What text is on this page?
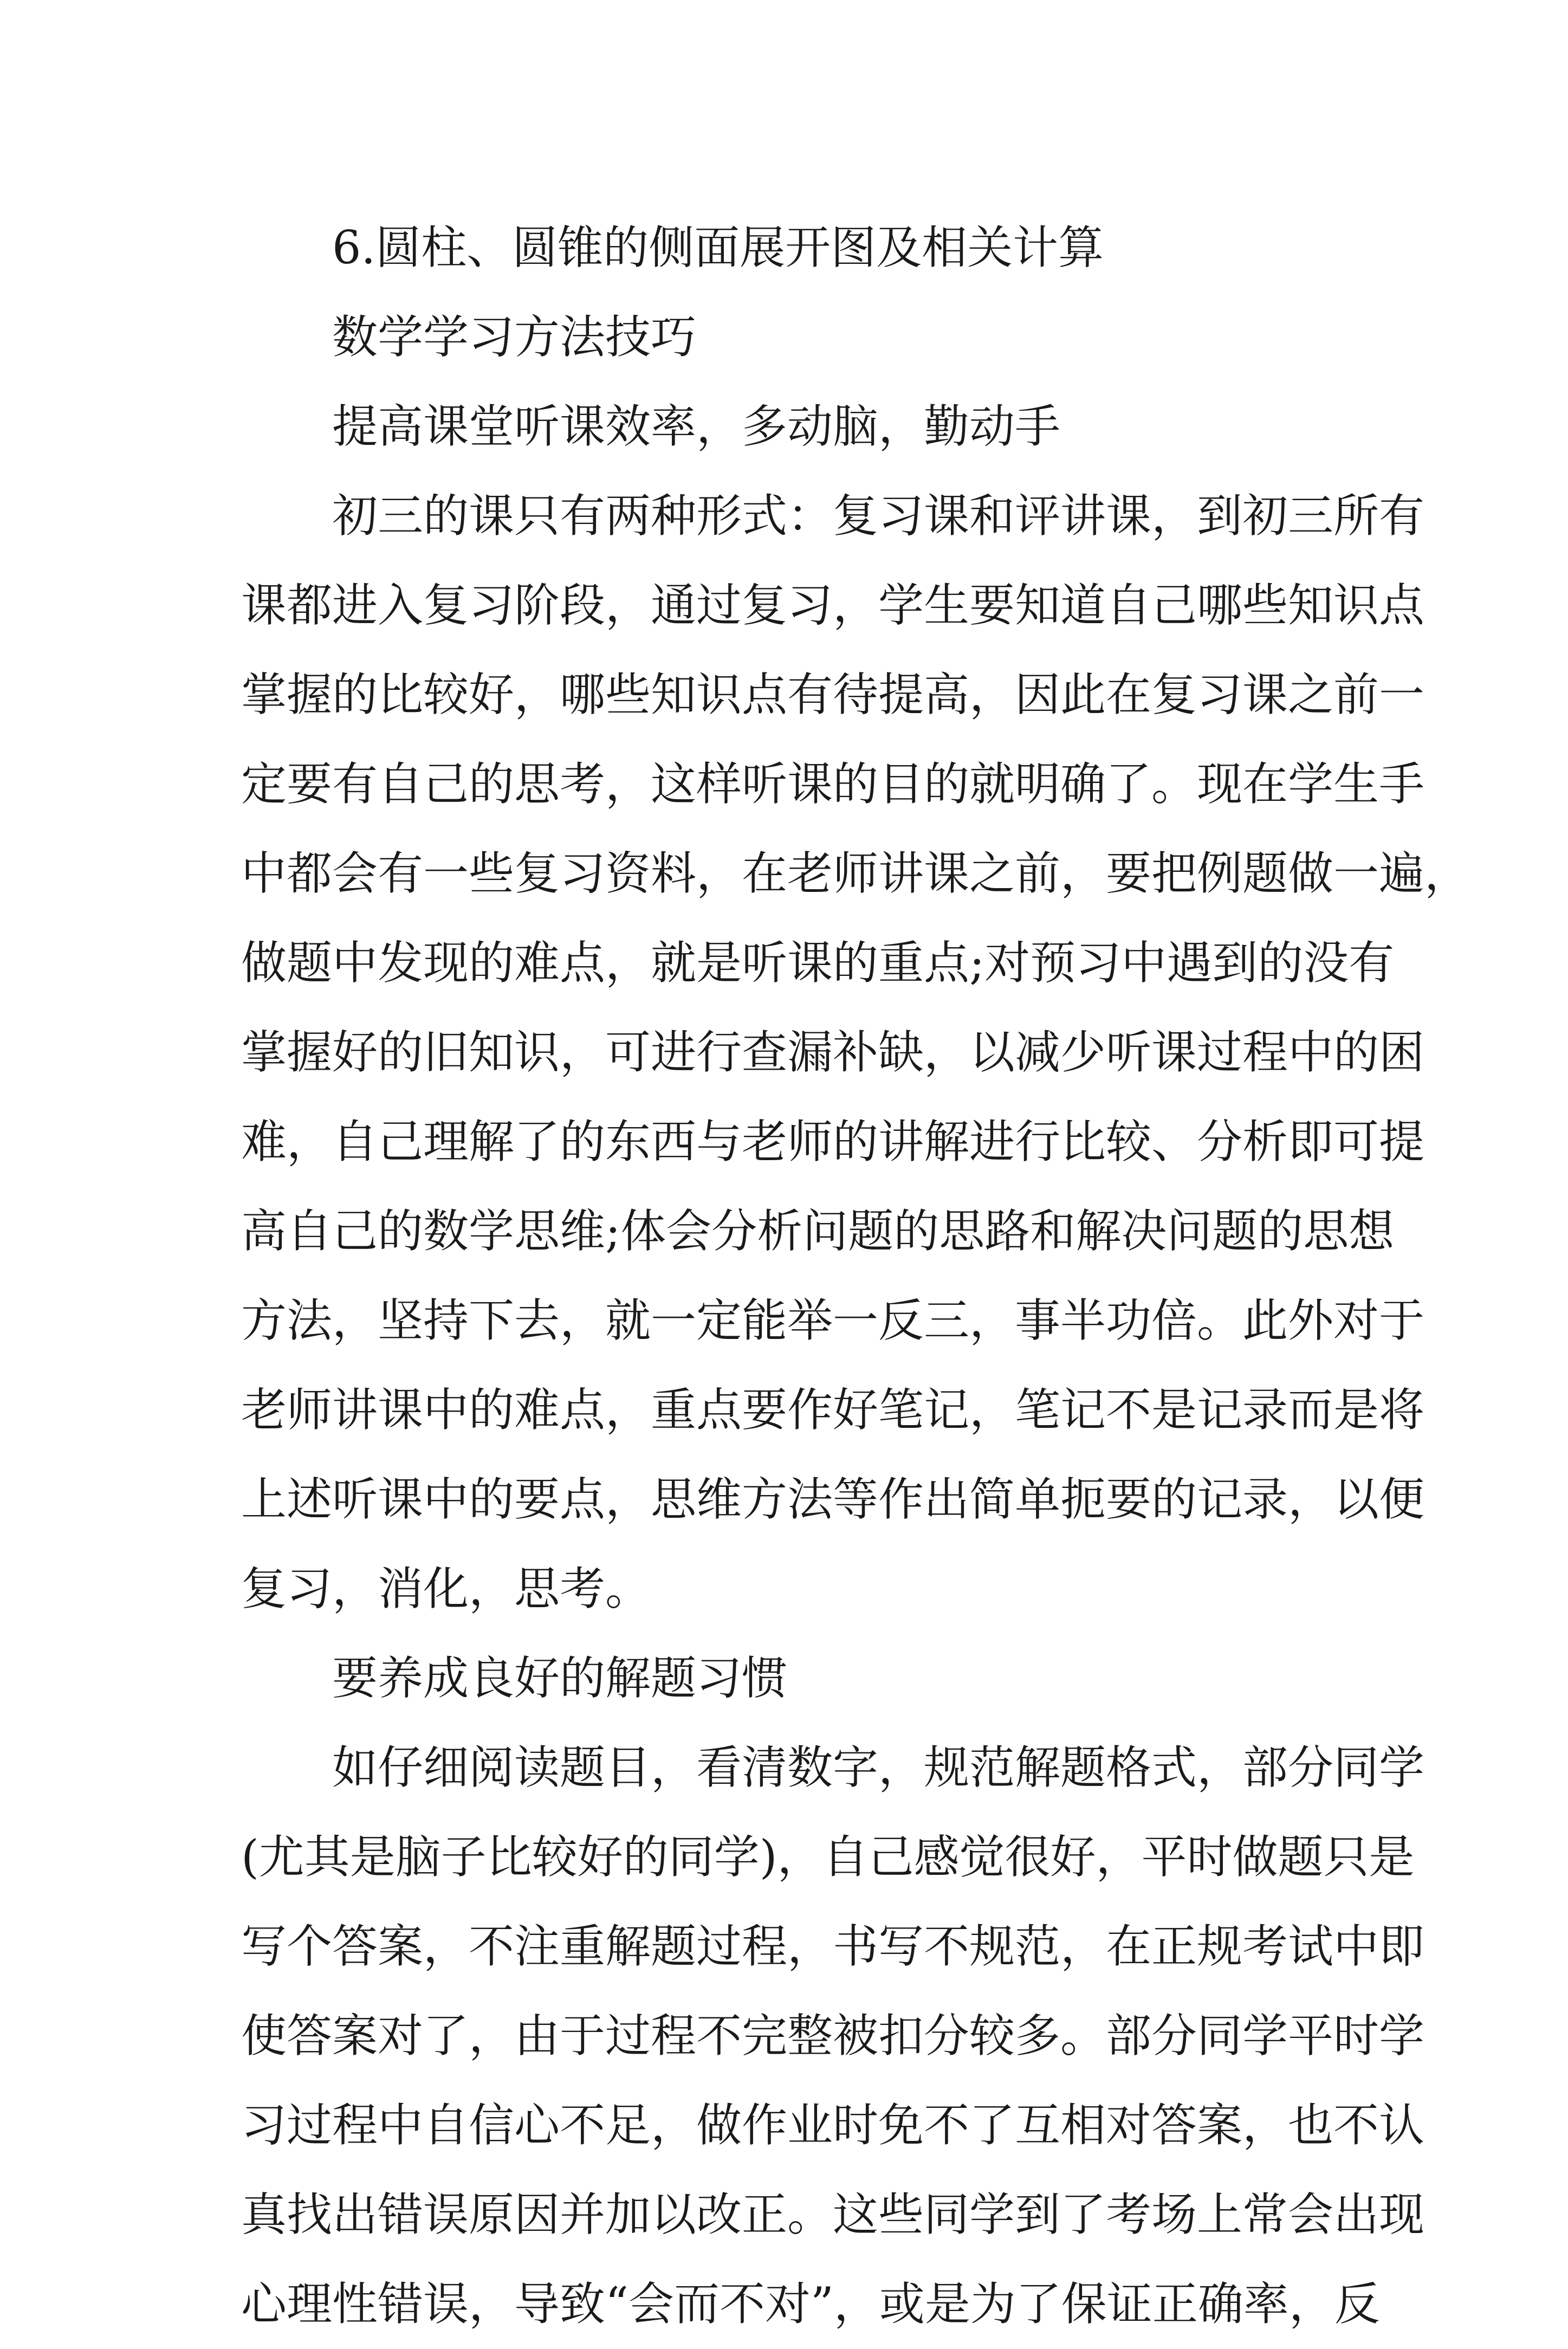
6.圆柱、圆锥的侧面展开图及相关计算
数学学习方法技巧
提高课堂听课效率，多动脑，勤动手
初三的课只有两种形式：复习课和评讲课，到初三所有
课都进入复习阶段，通过复习，学生要知道自己哪些知识点
掌握的比较好，哪些知识点有待提高，因此在复习课之前一
定要有自己的思考，这样听课的目的就明确了。现在学生手
中都会有一些复习资料，在老师讲课之前，要把例题做一遍，
做题中发现的难点，就是听课的重点;对预习中遇到的没有
掌握好的旧知识，可进行查漏补缺，以减少听课过程中的困
难，自己理解了的东西与老师的讲解进行比较、分析即可提
高自己的数学思维;体会分析问题的思路和解决问题的思想
方法，坚持下去，就一定能举一反三，事半功倍。此外对于
老师讲课中的难点，重点要作好笔记，笔记不是记录而是将
上述听课中的要点，思维方法等作出简单扼要的记录，以便
复习，消化，思考。
要养成良好的解题习惯
如仔细阅读题目，看清数字，规范解题格式，部分同学
(尤其是脑子比较好的同学)，自己感觉很好，平时做题只是
写个答案，不注重解题过程，书写不规范，在正规考试中即
使答案对了，由于过程不完整被扣分较多。部分同学平时学
习过程中自信心不足，做作业时免不了互相对答案，也不认
真找出错误原因并加以改正。这些同学到了考场上常会出现
心理性错误，导致“会而不对”，或是为了保证正确率，反
